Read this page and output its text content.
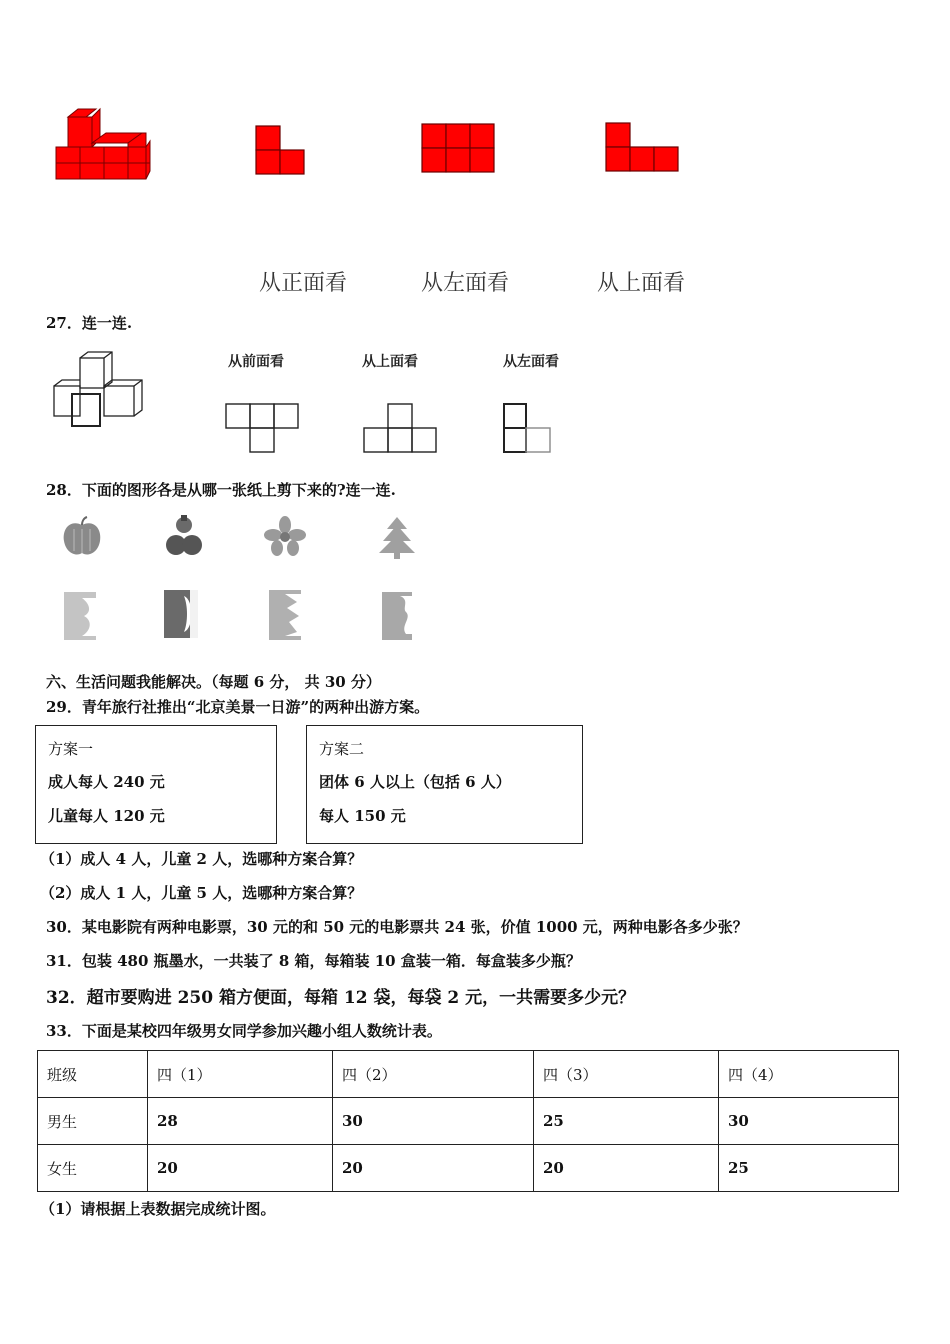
从正面看	从左面看	从上面看
27．连一连.
从前面看	从上面看	从左面看
28．下面的图形各是从哪一张纸上剪下来的?连一连.
六、生活问题我能解决。（每题 6 分， 共 30 分）
29．青年旅行社推出“北京美景一日游”的两种出游方案。
方案一
成人每人 240 元
儿童每人 120 元
方案二
团体 6 人以上（包括 6 人）
每人 150 元
（1）成人 4 人，儿童 2 人，选哪种方案合算？
（2）成人 1 人，儿童 5 人，选哪种方案合算？
30．某电影院有两种电影票，30 元的和 50 元的电影票共 24 张，价值 1000 元，两种电影各多少张？
31．包装 480 瓶墨水，一共装了 8 箱，每箱装 10 盒装一箱．每盒装多少瓶？
32．超市要购进 250 箱方便面，每箱 12 袋，每袋 2 元，一共需要多少元？
33．下面是某校四年级男女同学参加兴趣小组人数统计表。
班级	四（1）	四（2）	四（3）	四（4）
男生	28	30	25	30
女生	20	20	20	25
（1）请根据上表数据完成统计图。
